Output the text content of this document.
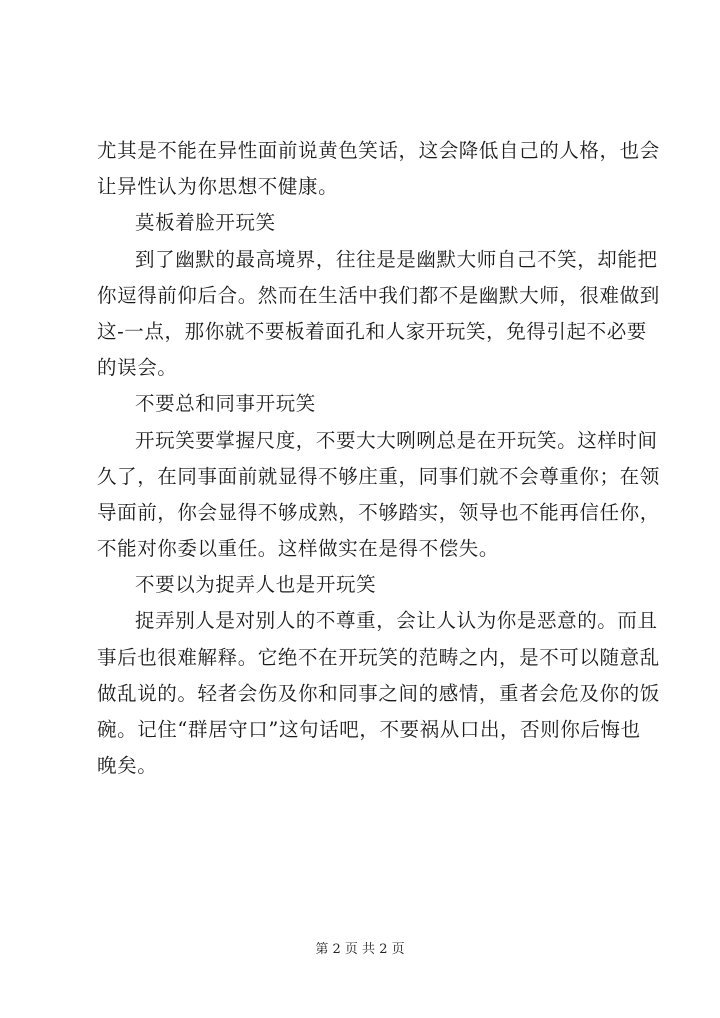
尤其是不能在异性面前说黄色笑话，这会降低自己的人格，也会
让异性认为你思想不健康。
莫板着脸开玩笑
到了幽默的最高境界，往往是是幽默大师自己不笑，却能把
你逗得前仰后合。然而在生活中我们都不是幽默大师，很难做到
这-一点，那你就不要板着面孔和人家开玩笑，免得引起不必要
的误会。
不要总和同事开玩笑
开玩笑要掌握尺度，不要大大咧咧总是在开玩笑。这样时间
久了，在同事面前就显得不够庄重，同事们就不会尊重你；在领
导面前，你会显得不够成熟，不够踏实，领导也不能再信任你，
不能对你委以重任。这样做实在是得不偿失。
不要以为捉弄人也是开玩笑
捉弄别人是对别人的不尊重，会让人认为你是恶意的。而且
事后也很难解释。它绝不在开玩笑的范畴之内，是不可以随意乱
做乱说的。轻者会伤及你和同事之间的感情，重者会危及你的饭
碗。记住“群居守口”这句话吧，不要祸从口出，否则你后悔也
晚矣。
第 2 页 共 2 页
